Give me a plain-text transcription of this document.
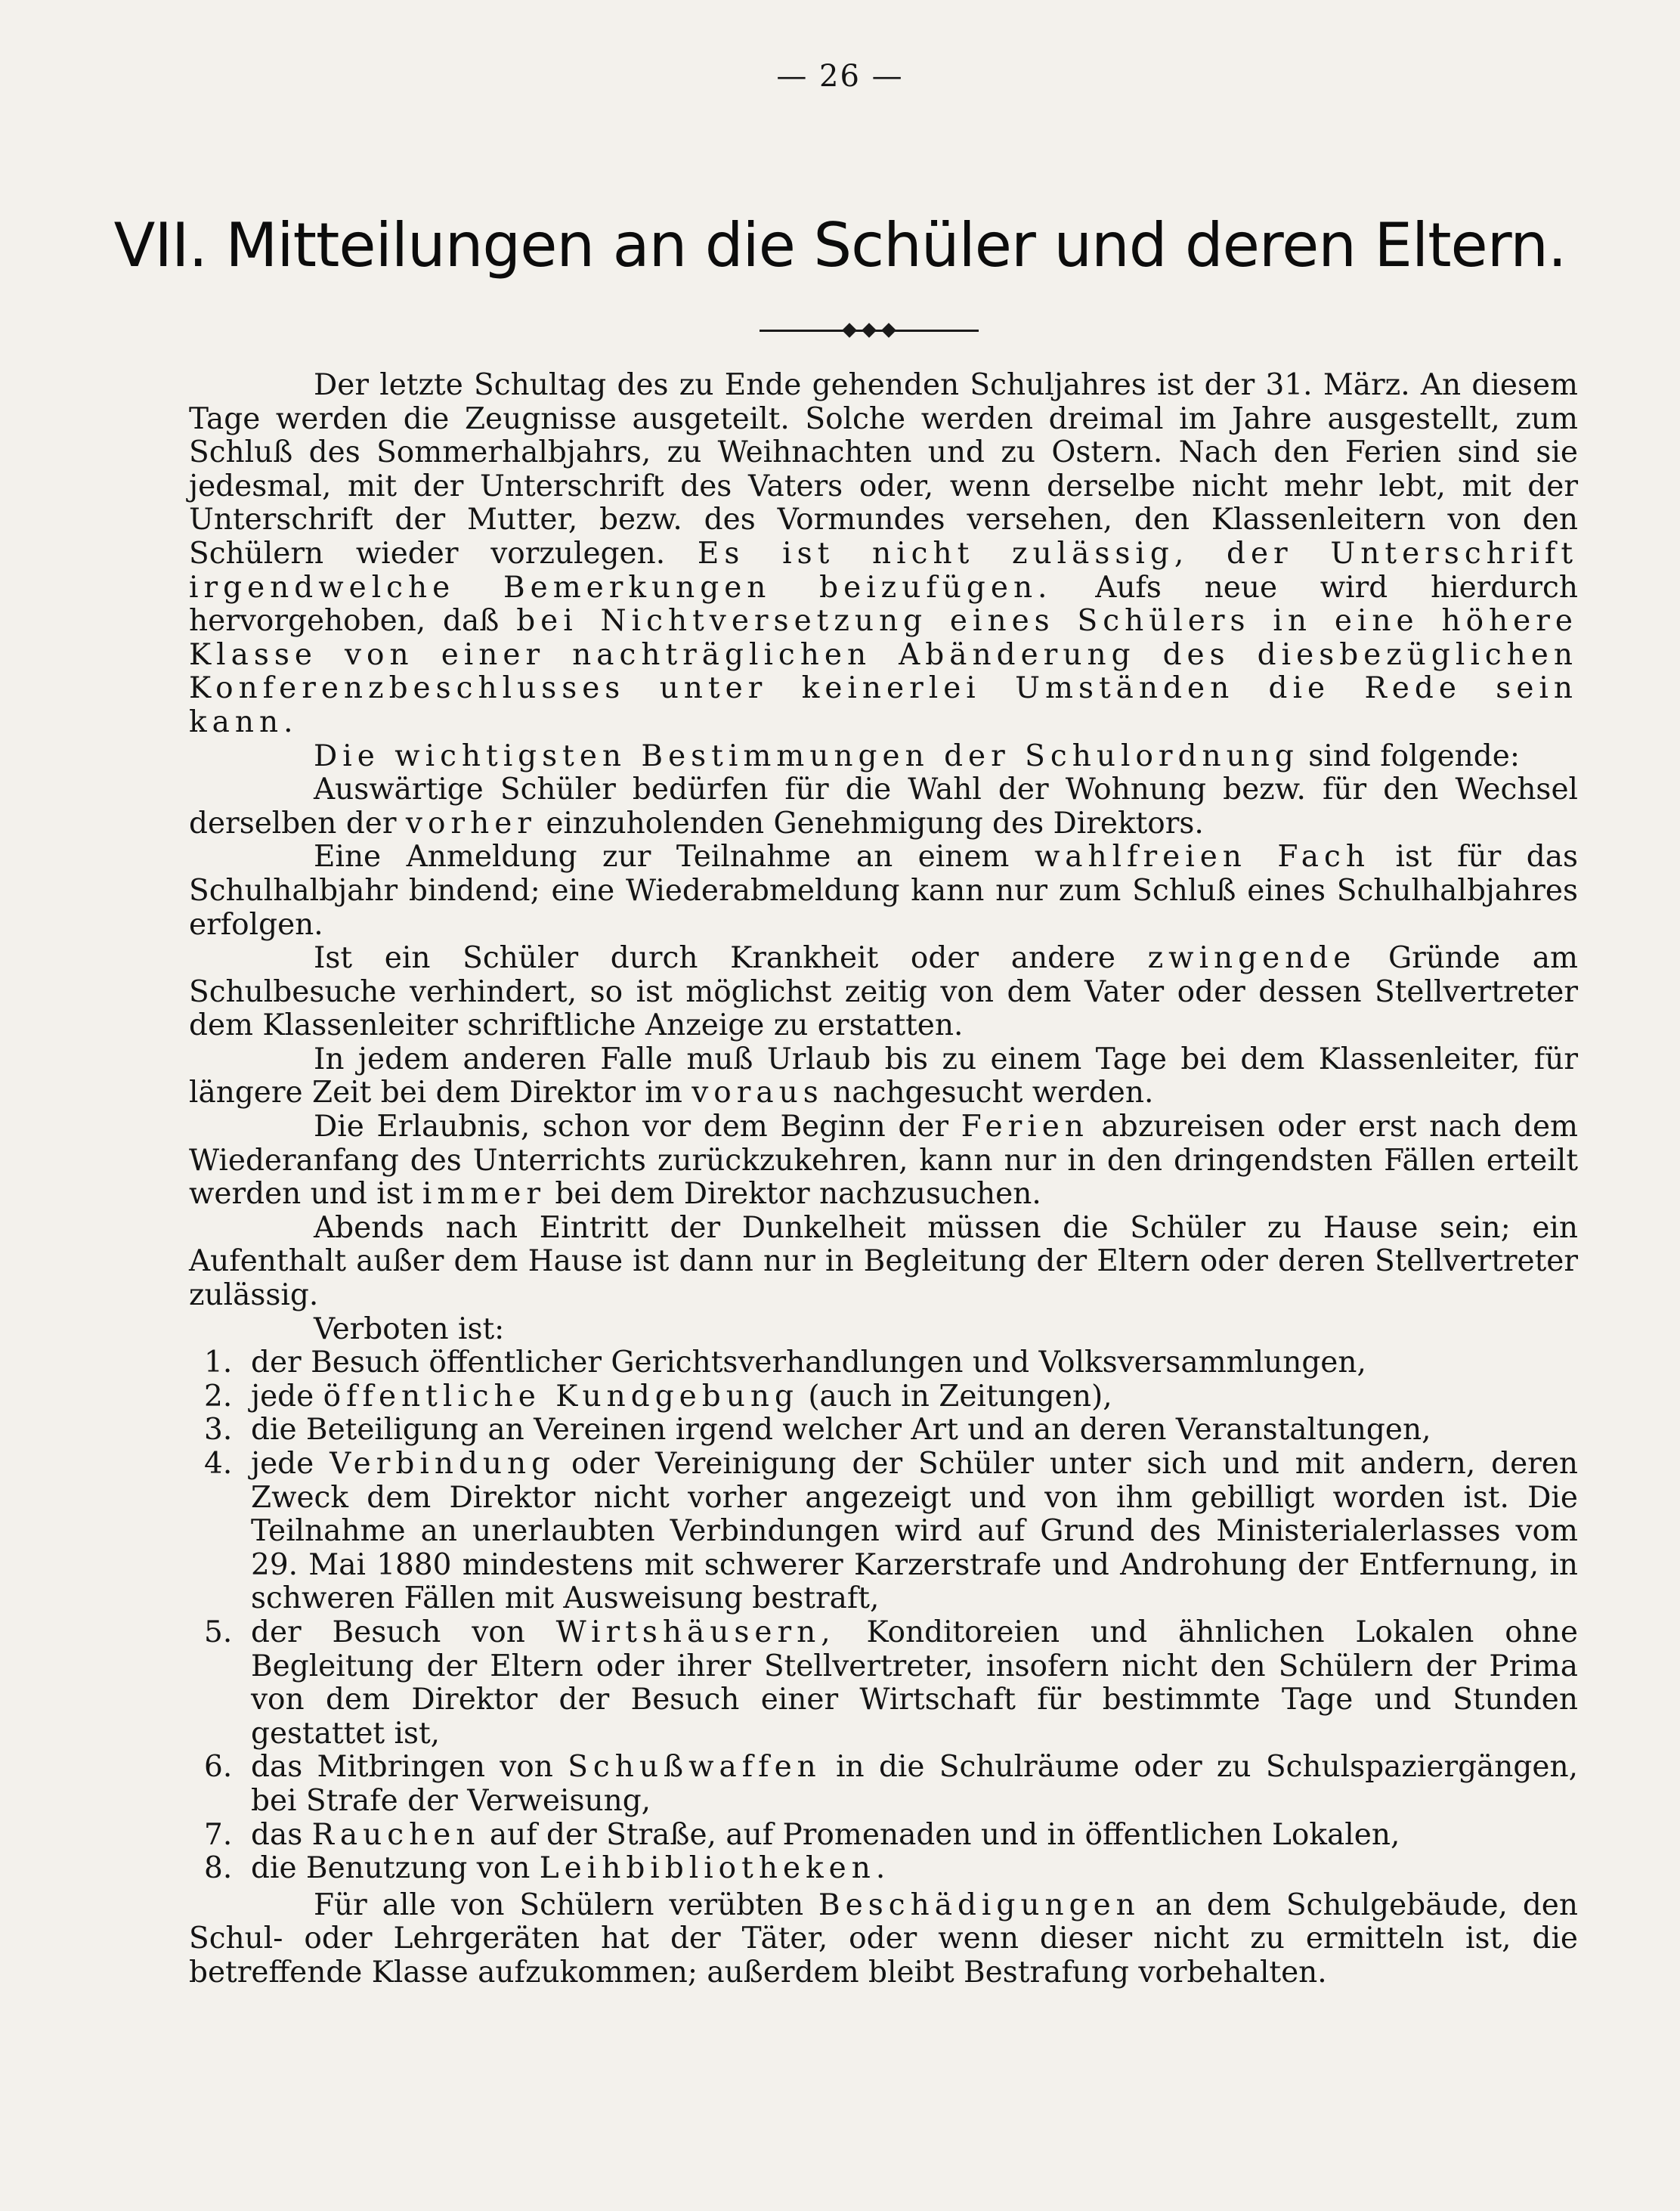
— 26 —
VII. Mitteilungen an die Schüler und deren Eltern.

Der letzte Schultag des zu Ende gehenden Schuljahres ist der 31. März. An diesem Tage werden die Zeugnisse ausgeteilt. Solche werden dreimal im Jahre ausgestellt, zum Schluß des Sommerhalbjahrs, zu Weihnachten und zu Ostern. Nach den Ferien sind sie jedesmal, mit der Unterschrift des Vaters oder, wenn derselbe nicht mehr lebt, mit der Unterschrift der Mutter, bezw. des Vormundes versehen, den Klassenleitern von den Schülern wieder vorzulegen. Es ist nicht zulässig, der Unterschrift irgendwelche Bemerkungen beizufügen. Aufs neue wird hierdurch hervorgehoben, daß bei Nichtversetzung eines Schülers in eine höhere Klasse von einer nachträglichen Abänderung des diesbezüglichen Konferenzbeschlusses unter keinerlei Umständen die Rede sein kann.

Die wichtigsten Bestimmungen der Schulordnung sind folgende:

Auswärtige Schüler bedürfen für die Wahl der Wohnung bezw. für den Wechsel derselben der vorher einzuholenden Genehmigung des Direktors.

Eine Anmeldung zur Teilnahme an einem wahlfreien Fach ist für das Schulhalbjahr bindend; eine Wiederabmeldung kann nur zum Schluß eines Schulhalbjahres erfolgen.

Ist ein Schüler durch Krankheit oder andere zwingende Gründe am Schulbesuche verhindert, so ist möglichst zeitig von dem Vater oder dessen Stellvertreter dem Klassenleiter schriftliche Anzeige zu erstatten.

In jedem anderen Falle muß Urlaub bis zu einem Tage bei dem Klassenleiter, für längere Zeit bei dem Direktor im voraus nachgesucht werden.

Die Erlaubnis, schon vor dem Beginn der Ferien abzureisen oder erst nach dem Wiederanfang des Unterrichts zurückzukehren, kann nur in den dringendsten Fällen erteilt werden und ist immer bei dem Direktor nachzusuchen.

Abends nach Eintritt der Dunkelheit müssen die Schüler zu Hause sein; ein Aufenthalt außer dem Hause ist dann nur in Begleitung der Eltern oder deren Stellvertreter zulässig.

Verboten ist:

1. der Besuch öffentlicher Gerichtsverhandlungen und Volksversammlungen,
2. jede öffentliche Kundgebung (auch in Zeitungen),
3. die Beteiligung an Vereinen irgend welcher Art und an deren Veranstaltungen,
4. jede Verbindung oder Vereinigung der Schüler unter sich und mit andern, deren Zweck dem Direktor nicht vorher angezeigt und von ihm gebilligt worden ist. Die Teilnahme an unerlaubten Verbindungen wird auf Grund des Ministerialerlasses vom 29. Mai 1880 mindestens mit schwerer Karzerstrafe und Androhung der Entfernung, in schweren Fällen mit Ausweisung bestraft,
5. der Besuch von Wirtshäusern, Konditoreien und ähnlichen Lokalen ohne Begleitung der Eltern oder ihrer Stellvertreter, insofern nicht den Schülern der Prima von dem Direktor der Besuch einer Wirtschaft für bestimmte Tage und Stunden gestattet ist,
6. das Mitbringen von Schußwaffen in die Schulräume oder zu Schulspaziergängen, bei Strafe der Verweisung,
7. das Rauchen auf der Straße, auf Promenaden und in öffentlichen Lokalen,
8. die Benutzung von Leihbibliotheken.

Für alle von Schülern verübten Beschädigungen an dem Schulgebäude, den Schul- oder Lehrgeräten hat der Täter, oder wenn dieser nicht zu ermitteln ist, die betreffende Klasse aufzukommen; außerdem bleibt Bestrafung vorbehalten.
